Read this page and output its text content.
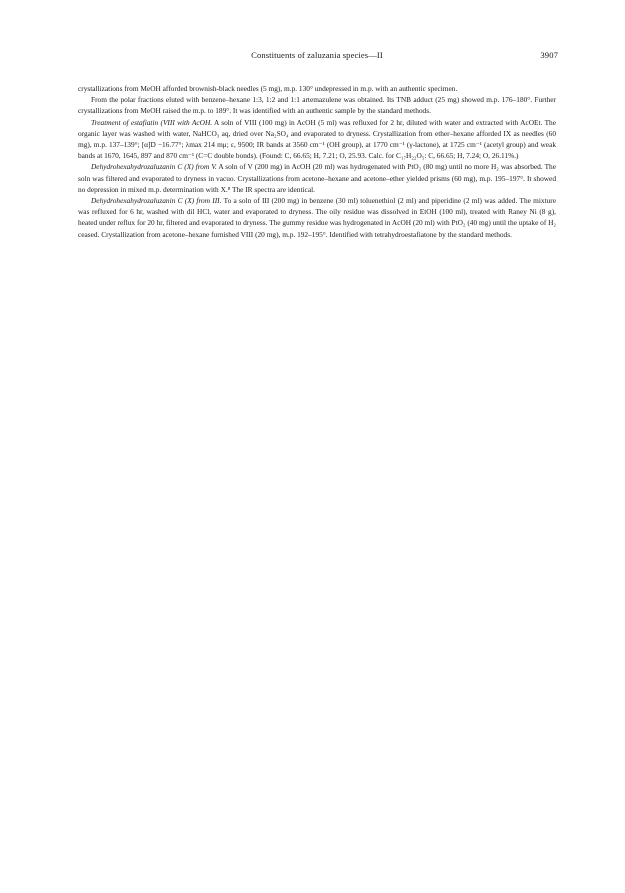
Constituents of zaluzania species—II	3907

crystallizations from MeOH afforded brownish-black needles (5 mg), m.p. 130° undepressed in m.p. with an authentic specimen.

From the polar fractions eluted with benzene–hexane 1:3, 1:2 and 1:1 artemazulene was obtained. Its TNB adduct (25 mg) showed m.p. 176–180°. Further crystallizations from MeOH raised the m.p. to 189°. It was identified with an authentic sample by the standard methods.

Treatment of estafiatin (VIII with AcOH. A soln of VIII (100 mg) in AcOH (5 ml) was refluxed for 2 hr, diluted with water and extracted with AcOEt. The organic layer was washed with water, NaHCO₃ aq, dried over Na₂SO₄ and evaporated to dryness. Crystallization from ether–hexane afforded IX as needles (60 mg), m.p. 137–139°; [α]D −16.77°; λmax 214 mμ; ε, 9500; IR bands at 3560 cm⁻¹ (OH group), at 1770 cm⁻¹ (γ-lactone), at 1725 cm⁻¹ (acetyl group) and weak bands at 1670, 1645, 897 and 870 cm⁻¹ (C=C double bonds). (Found: C, 66.65; H, 7.21; O, 25.93. Calc. for C₁₇H₂₂O₅: C, 66.65; H, 7.24; O, 26.11%.)

Dehydrohexahydrozaluzanin C (X) from V. A soln of V (200 mg) in AcOH (20 ml) was hydrogenated with PtO₂ (80 mg) until no more H₂ was absorbed. The soln was filtered and evaporated to dryness in vacuo. Crystallizations from acetone–hexane and acetone–ether yielded prisms (60 mg), m.p. 195–197°. It showed no depression in mixed m.p. determination with X.⁸ The IR spectra are identical.

Dehydrohexahydrozaluzanin C (X) from III. To a soln of III (200 mg) in benzene (30 ml) toluenethiol (2 ml) and piperidine (2 ml) was added. The mixture was refluxed for 6 hr, washed with dil HCl, water and evaporated to dryness. The oily residue was dissolved in EtOH (100 ml), treated with Raney Ni (8 g), heated under reflux for 20 hr, filtered and evaporated to dryness. The gummy residue was hydrogenated in AcOH (20 ml) with PtO₂ (40 mg) until the uptake of H₂ ceased. Crystallization from acetone–hexane furnished VIII (20 mg), m.p. 192–195°. Identified with tetrahydroestafiatone by the standard methods.
